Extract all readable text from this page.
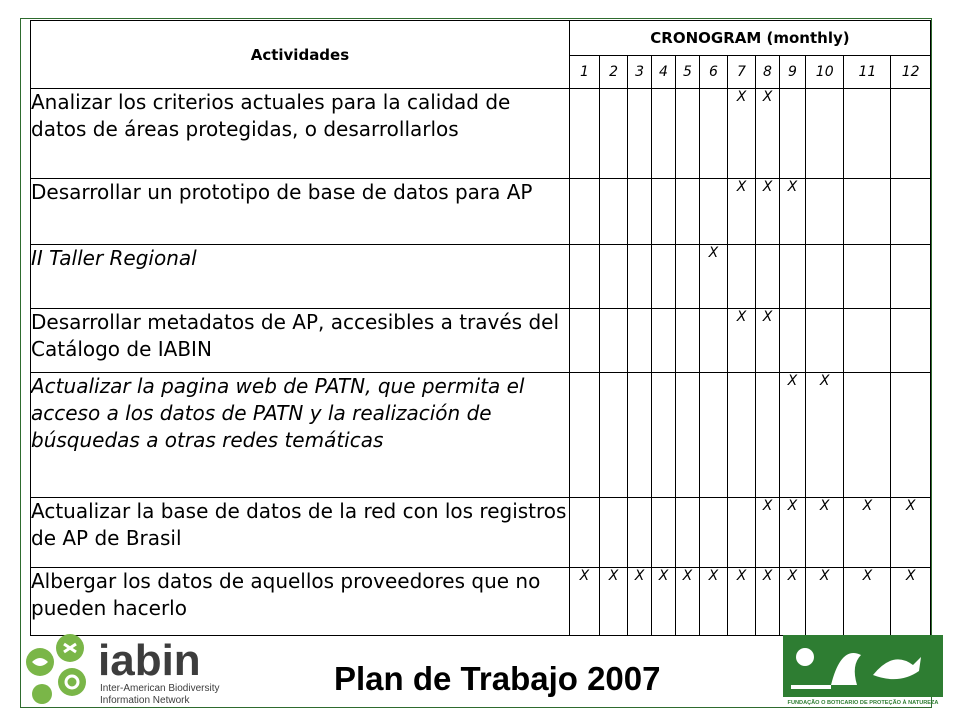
Actividades	CRONOGRAM (monthly)											
	1	2	3	4	5	6	7	8	9	10	11	12
Analizar los criterios actuales para la calidad de datos de áreas protegidas, o desarrollarlos							X	X				
Desarrollar un prototipo de base de datos para AP							X	X	X			
II Taller Regional						X						
Desarrollar metadatos de AP, accesibles a través del Catálogo de IABIN							X	X				
Actualizar la pagina web de PATN, que permita el acceso a los datos de PATN y la realización de búsquedas a otras redes temáticas									X	X		
Actualizar la base de datos de la red con los registros de AP de Brasil								X	X	X	X	X
Albergar los datos de aquellos proveedores que no pueden hacerlo	X	X	X	X	X	X	X	X	X	X	X	X
iabin
Inter-American Biodiversity
Information Network
Plan de Trabajo 2007
FUNDAÇÃO O BOTICARIO DE PROTEÇÃO À NATUREZA
